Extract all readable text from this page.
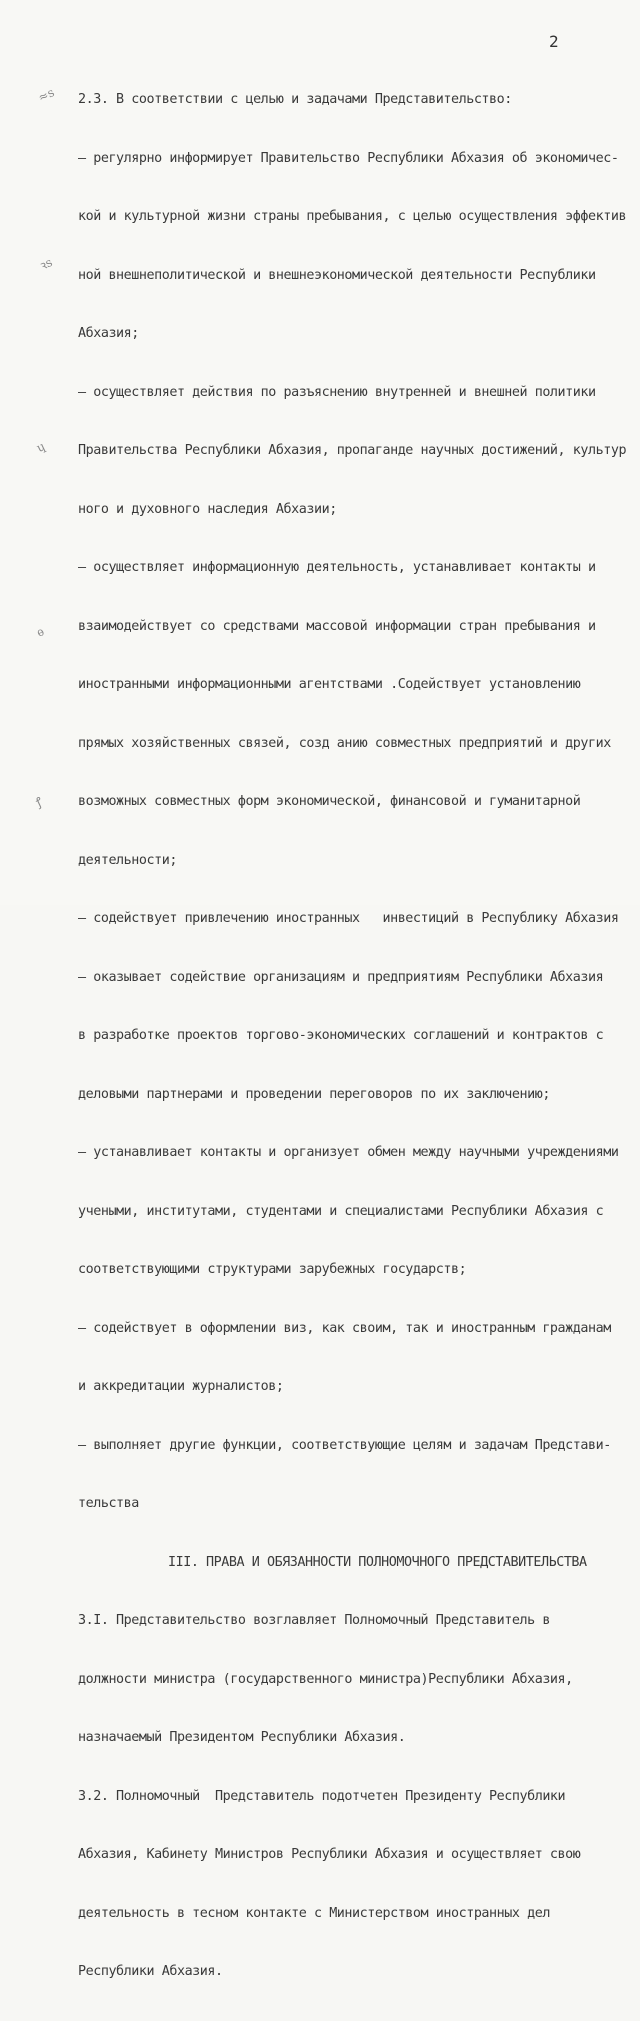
2
≈ѕ
ꝛѕ
ɥ
ѳ
ꝭ

2.3. В соответствии с целью и задачами Представительство:

– регулярно информирует Правительство Республики Абхазия об экономичес-

кой и культурной жизни страны пребывания, с целью осуществления эффектив

ной внешнеполитической и внешнеэкономической деятельности Республики

Абхазия;

– осуществляет действия по разъяснению внутренней и внешней политики

Правительства Республики Абхазия, пропаганде научных достижений, культур

ного и духовного наследия Абхазии;

– осуществляет информационную деятельность, устанавливает контакты и

взаимодействует со средствами массовой информации стран пребывания и

иностранными информационными агентствами .Содействует установлению

прямых хозяйственных связей, созд анию совместных предприятий и других

возможных совместных форм экономической, финансовой и гуманитарной

деятельности;

– содействует привлечению иностранных   инвестиций в Республику Абхазия

– оказывает содействие организациям и предприятиям Республики Абхазия

в разработке проектов торгово-экономических соглашений и контрактов с

деловыми партнерами и проведении переговоров по их заключению;

– устанавливает контакты и организует обмен между научными учреждениями

учеными, институтами, студентами и специалистами Республики Абхазия с

соответствующими структурами зарубежных государств;

– содействует в оформлении виз, как своим, так и иностранным гражданам

и аккредитации журналистов;

– выполняет другие функции, соответствующие целям и задачам Представи-

тельства

III. ПРАВА И ОБЯЗАННОСТИ ПОЛНОМОЧНОГО ПРЕДСТАВИТЕЛЬСТВА

3.I. Представительство возглавляет Полномочный Представитель в

должности министра (государственного министра)Республики Абхазия,

назначаемый Президентом Республики Абхазия.

3.2. Полномочный  Представитель подотчетен Президенту Республики

Абхазия, Кабинету Министров Республики Абхазия и осуществляет свою

деятельность в тесном контакте с Министерством иностранных дел

Республики Абхазия.
